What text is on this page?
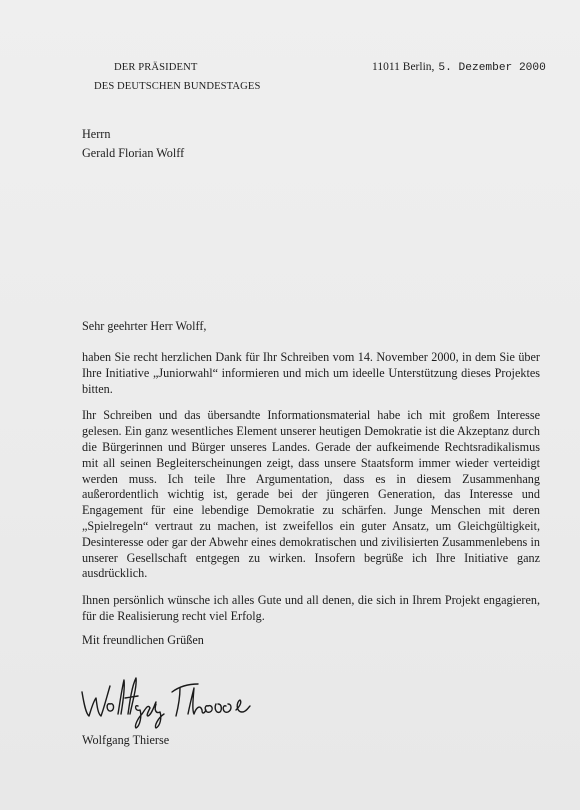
DER PRÄSIDENT
DES DEUTSCHEN BUNDESTAGES
11011 Berlin, 5. Dezember 2000
Herrn
Gerald Florian Wolff
Sehr geehrter Herr Wolff,

haben Sie recht herzlichen Dank für Ihr Schreiben vom 14. November 2000, in dem Sie über Ihre Initiative „Juniorwahl“ informieren und mich um ideelle Unterstützung dieses Projektes bitten.

Ihr Schreiben und das übersandte Informationsmaterial habe ich mit großem Interesse gelesen. Ein ganz wesentliches Element unserer heutigen Demokratie ist die Akzeptanz durch die Bürgerinnen und Bürger unseres Landes. Gerade der aufkeimende Rechtsradikalismus mit all seinen Begleiterscheinungen zeigt, dass unsere Staatsform immer wieder verteidigt werden muss. Ich teile Ihre Argumentation, dass es in diesem Zusammenhang außerordentlich wichtig ist, gerade bei der jüngeren Generation, das Interesse und Engagement für eine lebendige Demokratie zu schärfen. Junge Menschen mit deren „Spielregeln“ vertraut zu machen, ist zweifellos ein guter Ansatz, um Gleichgültigkeit, Desinteresse oder gar der Abwehr eines demokratischen und zivilisierten Zusammenlebens in unserer Gesellschaft entgegen zu wirken. Insofern begrüße ich Ihre Initiative ganz ausdrücklich.

Ihnen persönlich wünsche ich alles Gute und all denen, die sich in Ihrem Projekt engagieren, für die Realisierung recht viel Erfolg.

Mit freundlichen Grüßen
Wolfgang Thierse
